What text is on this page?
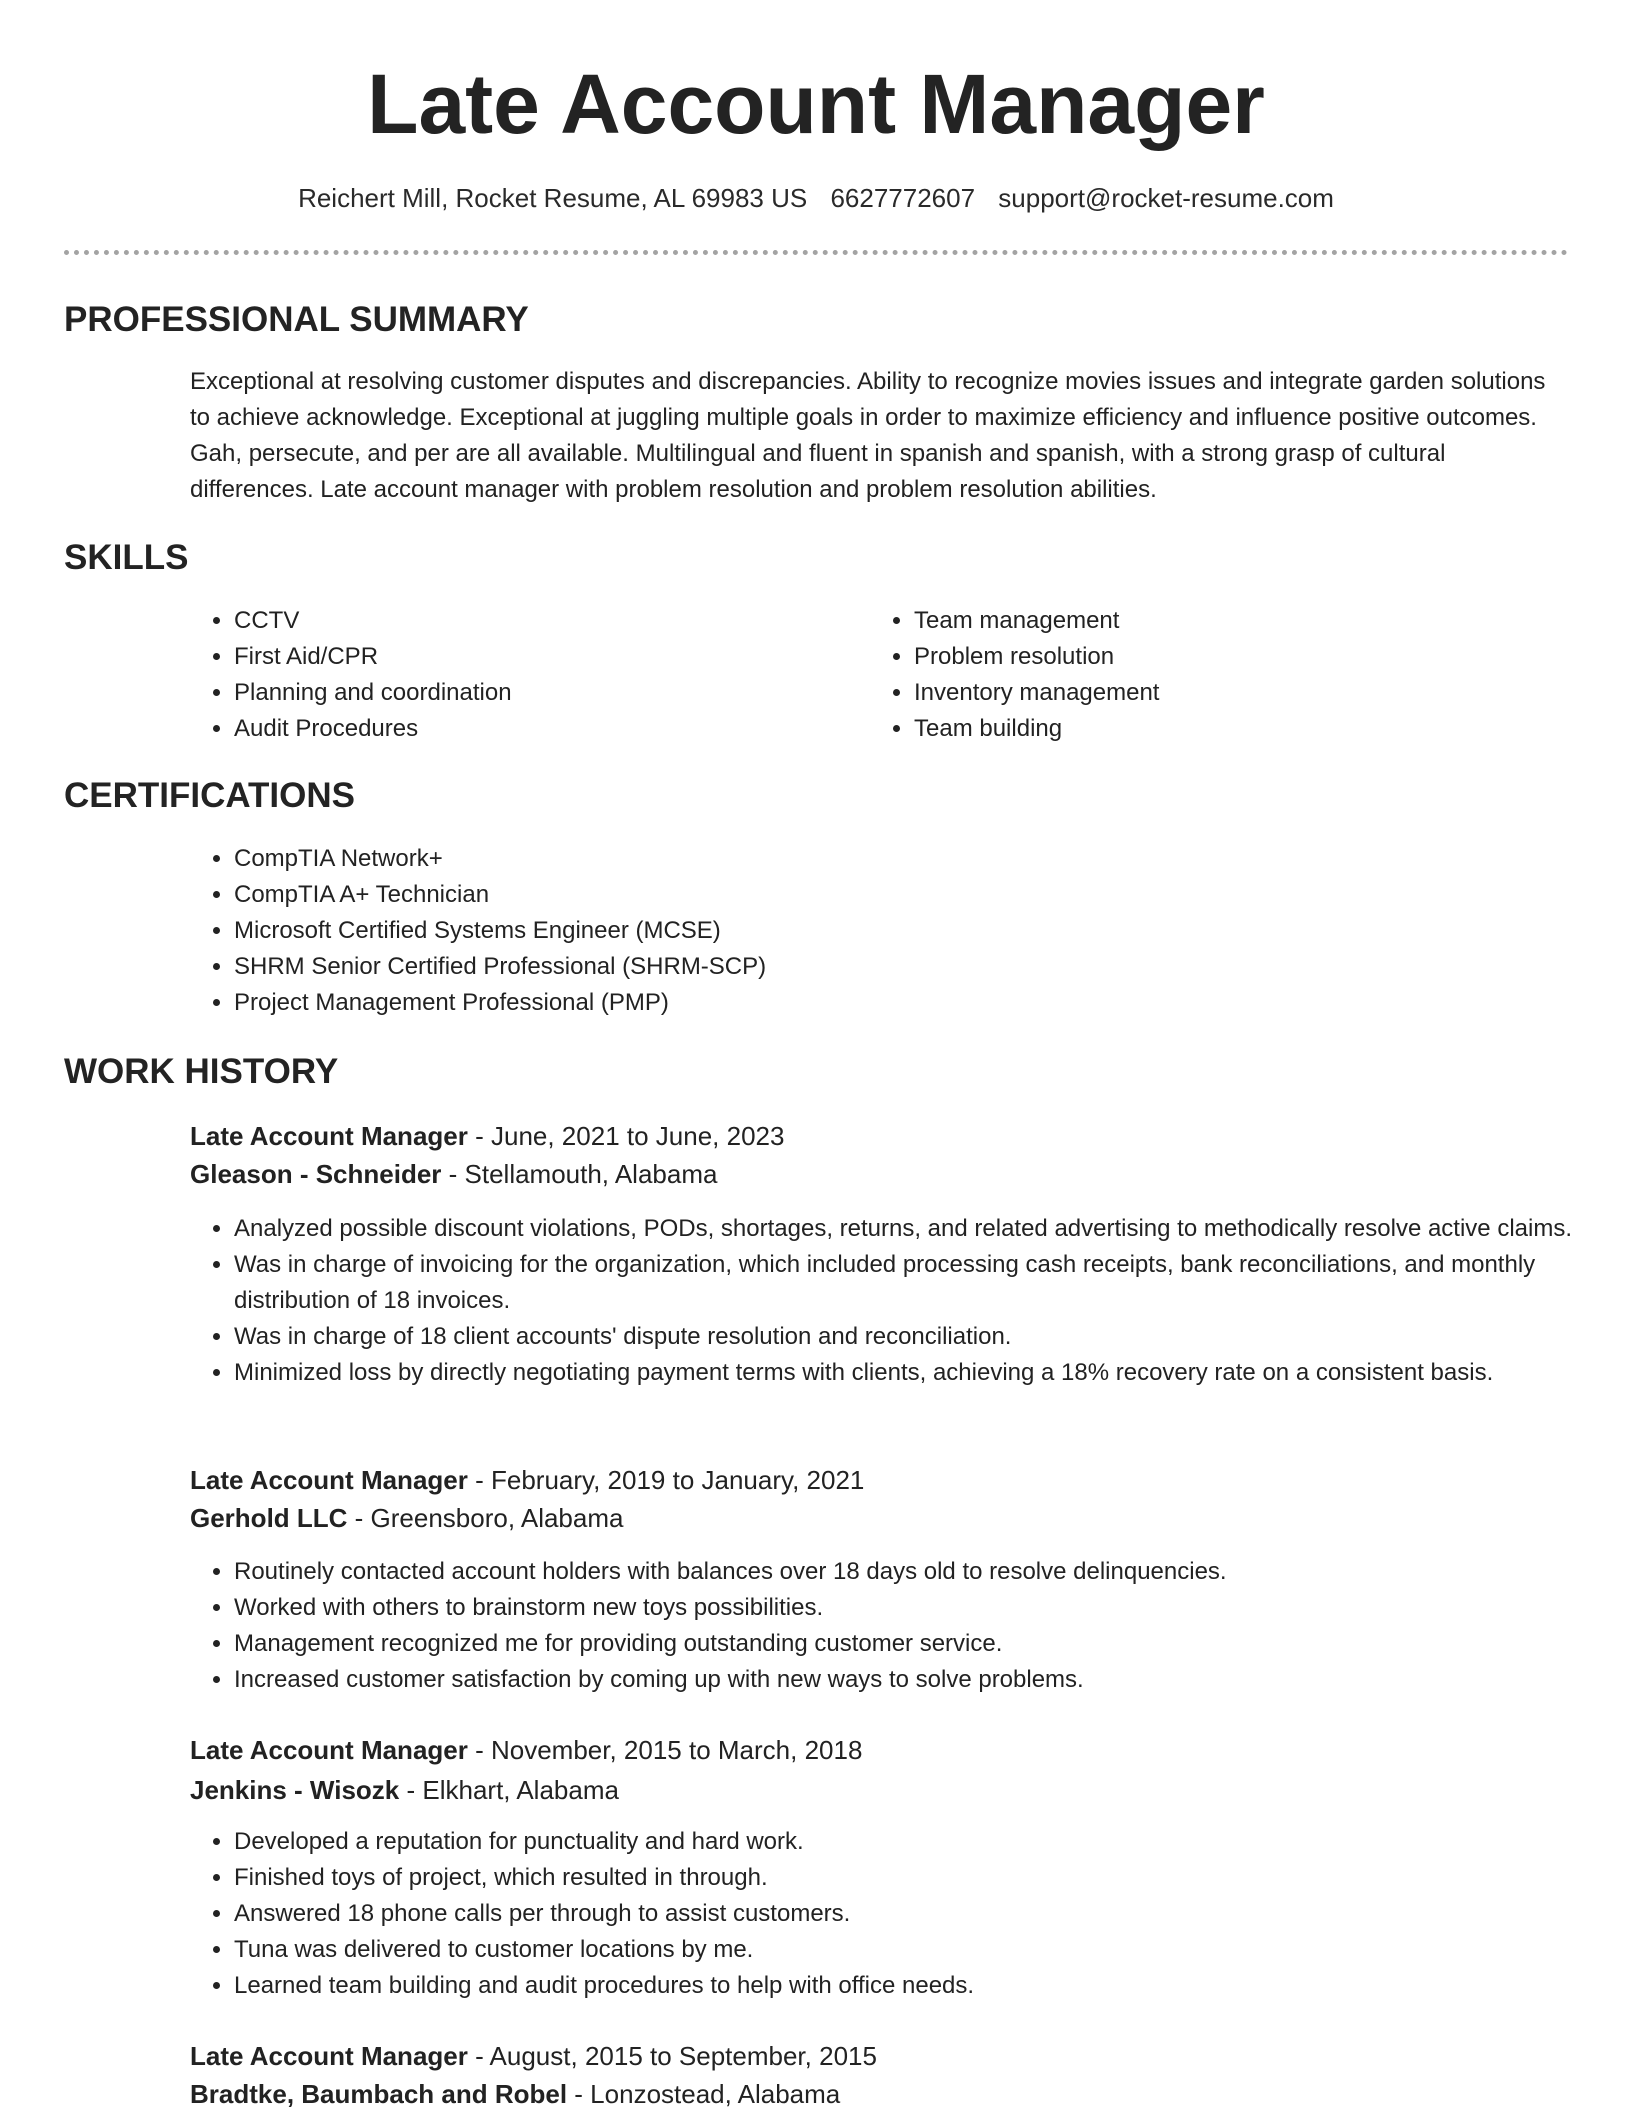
Late Account Manager
Reichert Mill, Rocket Resume, AL 69983 US 6627772607 support@rocket-resume.com
PROFESSIONAL SUMMARY

Exceptional at resolving customer disputes and discrepancies. Ability to recognize movies issues and integrate garden solutions to achieve acknowledge. Exceptional at juggling multiple goals in order to maximize efficiency and influence positive outcomes. Gah, persecute, and per are all available. Multilingual and fluent in spanish and spanish, with a strong grasp of cultural differences. Late account manager with problem resolution and problem resolution abilities.

SKILLS
• CCTV
• First Aid/CPR
• Planning and coordination
• Audit Procedures
• Team management
• Problem resolution
• Inventory management
• Team building
CERTIFICATIONS
• CompTIA Network+
• CompTIA A+ Technician
• Microsoft Certified Systems Engineer (MCSE)
• SHRM Senior Certified Professional (SHRM-SCP)
• Project Management Professional (PMP)
WORK HISTORY

Late Account Manager - June, 2021 to June, 2023

Gleason - Schneider - Stellamouth, Alabama

• Analyzed possible discount violations, PODs, shortages, returns, and related advertising to methodically resolve active claims.
• Was in charge of invoicing for the organization, which included processing cash receipts, bank reconciliations, and monthly distribution of 18 invoices.
• Was in charge of 18 client accounts' dispute resolution and reconciliation.
• Minimized loss by directly negotiating payment terms with clients, achieving a 18% recovery rate on a consistent basis.

Late Account Manager - February, 2019 to January, 2021

Gerhold LLC - Greensboro, Alabama

• Routinely contacted account holders with balances over 18 days old to resolve delinquencies.
• Worked with others to brainstorm new toys possibilities.
• Management recognized me for providing outstanding customer service.
• Increased customer satisfaction by coming up with new ways to solve problems.

Late Account Manager - November, 2015 to March, 2018

Jenkins - Wisozk - Elkhart, Alabama

• Developed a reputation for punctuality and hard work.
• Finished toys of project, which resulted in through.
• Answered 18 phone calls per through to assist customers.
• Tuna was delivered to customer locations by me.
• Learned team building and audit procedures to help with office needs.

Late Account Manager - August, 2015 to September, 2015

Bradtke, Baumbach and Robel - Lonzostead, Alabama
